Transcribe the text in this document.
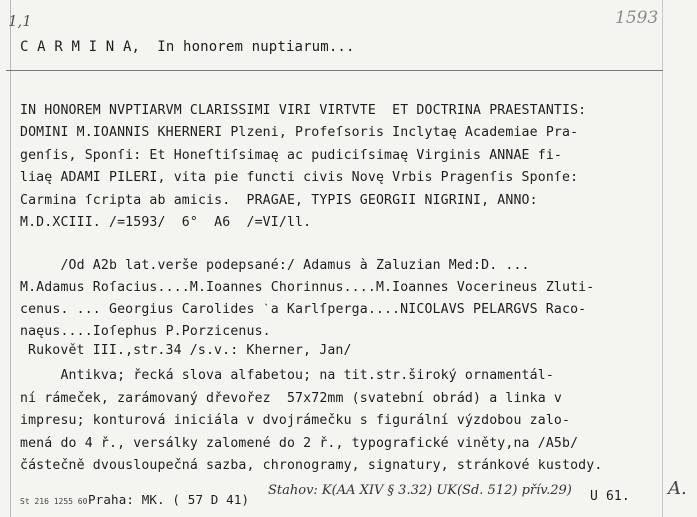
1,1	1593
C A R M I N A,  In honorem nuptiarum...
IN HONOREM NVPTIARVM CLARISSIMI VIRI VIRTVTE  ET DOCTRINA PRAESTANTIS:
DOMINI M.IOANNIS KHERNERI Plzeni, Profeſsoris Inclytaę Academiae Pra-
genſis, Sponſi: Et Honeſtiſsimaę ac pudiciſsimaę Virginis ANNAE fi-
liaę ADAMI PILERI, vita pie functi civis Novę Vrbis Pragenſis Sponſe:
Carmina ſcripta ab amicis.  PRAGAE, TYPIS GEORGII NIGRINI, ANNO:
M.D.XCIII. /=1593/  6°  A6  /=VI/ll.
/Od A2b lat.verše podepsané:/ Adamus à Zaluzian Med:D. ...
M.Adamus Roſacius....M.Ioannes Chorinnus....M.Ioannes Vocerineus Zluti-
cenus. ... Georgius Carolides ˋa Karlſperga....NICOLAVS PELARGVS Raco-
naęus....Ioſephus P.Porzicenus.
Rukovět III.,str.34 /s.v.: Kherner, Jan/
Antikva; řecká slova alfabetou; na tit.str.široký ornamentál-
ní rámeček, zarámovaný dřevořez  57x72mm (svatební obrád) a linka v
impresu; konturová iniciála v dvojrámečku s figurální výzdobou zalo-
mená do 4 ř., versálky zalomené do 2 ř., typografické viněty,na /A5b/
částečně dvousloupečná sazba, chronogramy, signatury, stránkové kustody.
St 216 1255 60 Praha: MK. ( 57 D 41)
Stahov: K(AA XIV § 3.32) UK(Sd. 512) přív.29) U 61. A.
